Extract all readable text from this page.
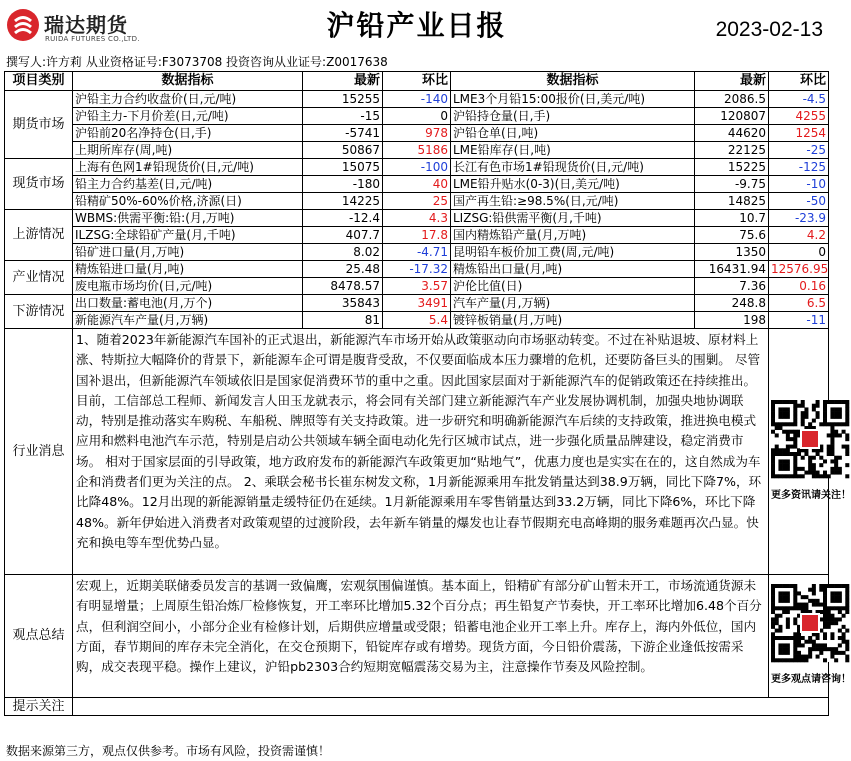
瑞达期货
RUIDA FUTURES CO.,LTD.	沪铅产业日报	2023-02-13
撰写人:许方莉 从业资格证号:F3073708 投资咨询从业证号:Z0017638
项目类别	数据指标	最新	环比	数据指标	最新	环比
期货市场	沪铅主力合约收盘价(日,元/吨)	15255	-140	LME3个月铅15:00报价(日,美元/吨)	2086.5	-4.5
	沪铅主力-下月价差(日,元/吨)	-15	0	沪铅持仓量(日,手)	120807	4255
	沪铅前20名净持仓(日,手)	-5741	978	沪铅仓单(日,吨)	44620	1254
	上期所库存(周,吨)	50867	5186	LME铅库存(日,吨)	22125	-25
现货市场	上海有色网1#铅现货价(日,元/吨)	15075	-100	长江有色市场1#铅现货价(日,元/吨)	15225	-125
	铅主力合约基差(日,元/吨)	-180	40	LME铅升贴水(0-3)(日,美元/吨)	-9.75	-10
	铅精矿50%-60%价格,济源(日)	14225	25	国产再生铅:≥98.5%(日,元/吨)	14825	-50
上游情况	WBMS:供需平衡:铅:(月,万吨)	-12.4	4.3	LIZSG:铅供需平衡(月,千吨)	10.7	-23.9
	ILZSG:全球铅矿产量(月,千吨)	407.7	17.8	国内精炼铅产量(月,万吨)	75.6	4.2
	铅矿进口量(月,万吨)	8.02	-4.71	昆明铅车板价加工费(周,元/吨)	1350	0
产业情况	精炼铅进口量(月,吨)	25.48	-17.32	精炼铅出口量(月,吨)	16431.94	12576.95
	废电瓶市场均价(日,元/吨)	8478.57	3.57	沪伦比值(日)	7.36	0.16
下游情况	出口数量:蓄电池(月,万个)	35843	3491	汽车产量(月,万辆)	248.8	6.5
	新能源汽车产量(月,万辆)	81	5.4	镀锌板销量(月,万吨)	198	-11
行业消息	1、随着2023年新能源汽车国补的正式退出，新能源汽车市场开始从政策驱动向市场驱动转变。不过在补贴退坡、原材料上涨、特斯拉大幅降价的背景下，新能源车企可谓是腹背受敌，不仅要面临成本压力骤增的危机，还要防备巨头的围剿。 尽管国补退出，但新能源汽车领域依旧是国家促消费环节的重中之重。因此国家层面对于新能源汽车的促销政策还在持续推出。目前，工信部总工程师、新闻发言人田玉龙就表示，将会同有关部门建立新能源汽车产业发展协调机制，加强央地协调联动，特别是推动落实车购税、车船税、牌照等有关支持政策。进一步研究和明确新能源汽车后续的支持政策，推进换电模式应用和燃料电池汽车示范，特别是启动公共领域车辆全面电动化先行区城市试点，进一步强化质量品牌建设，稳定消费市场。 相对于国家层面的引导政策，地方政府发布的新能源汽车政策更加“贴地气”，优惠力度也是实实在在的，这自然成为车企和消费者们更为关注的点。 2、乘联会秘书长崔东树发文称，1月新能源乘用车批发销量达到38.9万辆，同比下降7%，环比降48%。12月出现的新能源销量走缓特征仍在延续。1月新能源乘用车零售销量达到33.2万辆，同比下降6%，环比下降48%。新年伊始进入消费者对政策观望的过渡阶段，去年新车销量的爆发也让春节假期充电高峰期的服务难题再次凸显。快充和换电等车型优势凸显。					更多资讯请关注！

观点总结	宏观上，近期美联储委员发言的基调一致偏鹰，宏观氛围偏谨慎。基本面上，铅精矿有部分矿山暂未开工，市场流通货源未有明显增量；上周原生铅冶炼厂检修恢复，开工率环比增加5.32个百分点；再生铅复产节奏快，开工率环比增加6.48个百分点，但利润空间小，小部分企业有检修计划，后期供应增量或受限；铅蓄电池企业开工率上升。库存上，海内外低位，国内方面，春节期间的库存未完全消化，在交仓预期下，铅锭库存或有增势。现货方面，今日铅价震荡，下游企业逢低按需采购，成交表现平稳。操作上建议，沪铅pb2303合约短期宽幅震荡交易为主，注意操作节奏及风险控制。					更多观点请咨询！

提示关注						
数据来源第三方，观点仅供参考。市场有风险，投资需谨慎！
